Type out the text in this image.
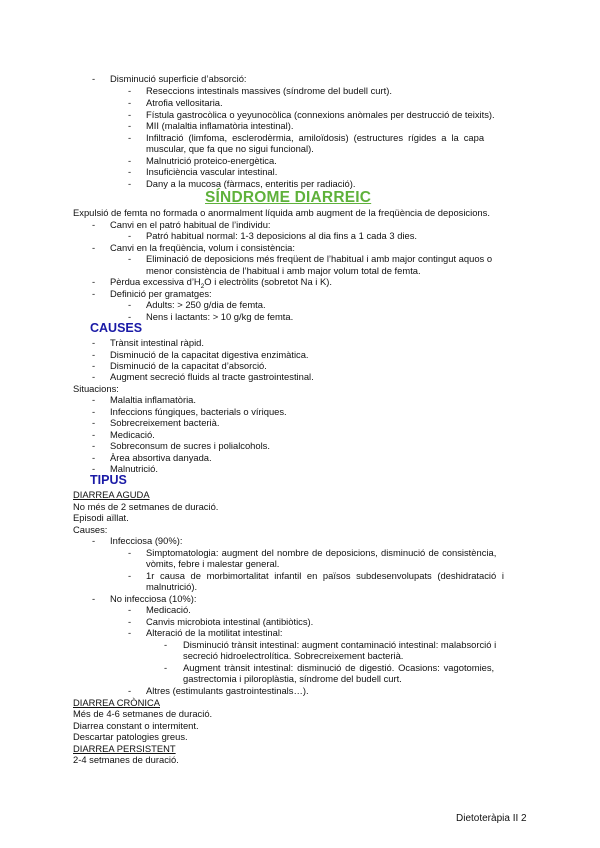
- Disminució superficie d’absorció:
- Reseccions intestinals massives (síndrome del budell curt).
- Atrofia vellositaria.
- Fístula gastrocòlica o yeyunocòlica (connexions anòmales per destrucció de teixits).
- MII (malaltia inflamatòria intestinal).
- Infiltració (limfoma, esclerodèrmia, amiloïdosis) (estructures rígides a la capa
muscular, que fa que no sigui funcional).
- Malnutrició proteico-energètica.
- Insuficiència vascular intestinal.
- Dany a la mucosa (fàrmacs, enteritis per radiació).
SÍNDROME DIARREIC
Expulsió de femta no formada o anormalment líquida amb augment de la freqüència de deposicions.
- Canvi en el patró habitual de l’individu:
- Patró habitual normal: 1-3 deposicions al dia fins a 1 cada 3 dies.
- Canvi en la freqüència, volum i consistència:
- Eliminació de deposicions més freqüent de l’habitual i amb major contingut aquos o
menor consistència de l’habitual i amb major volum total de femta.
- Pèrdua excessiva $d’H_2O$ i electròlits (sobretot Na i K).
- Definició per gramatges:
- Adults: > 250 g/dia de femta.
- Nens i lactants: > 10 g/kg de femta.
CAUSES
- Trànsit intestinal ràpid.
- Disminució de la capacitat digestiva enzimàtica.
- Disminució de la capacitat d’absorció.
- Augment secreció fluids al tracte gastrointestinal.
Situacions:
- Malaltia inflamatòria.
- Infeccions fúngiques, bacterials o víriques.
- Sobrecreixement bacterià.
- Medicació.
- Sobreconsum de sucres i polialcohols.
- Àrea absortiva danyada.
- Malnutrició.
TIPUS
DIARREA AGUDA
No més de 2 setmanes de duració.
Episodi aïllat.
Causes:
- Infecciosa (90%):
- Simptomatologia: augment del nombre de deposicions, disminució de consistència,
vòmits, febre i malestar general.
- 1r causa de morbimortalitat infantil en països subdesenvolupats (deshidratació i
malnutrició).
- No infecciosa (10%):
- Medicació.
- Canvis microbiota intestinal (antibiòtics).
- Alteració de la motilitat intestinal:
- Disminució trànsit intestinal: augment contaminació intestinal: malabsorció i
secreció hidroelectrolítica. Sobrecreixement bacterià.
- Augment trànsit intestinal: disminució de digestió. Ocasions: vagotomies,
gastrectomia i piloroplàstia, síndrome del budell curt.
- Altres (estimulants gastrointestinals…).
DIARREA CRÒNICA
Més de 4-6 setmanes de duració.
Diarrea constant o intermitent.
Descartar patologies greus.
DIARREA PERSISTENT
2-4 setmanes de duració.
Dietoteràpia II 2
